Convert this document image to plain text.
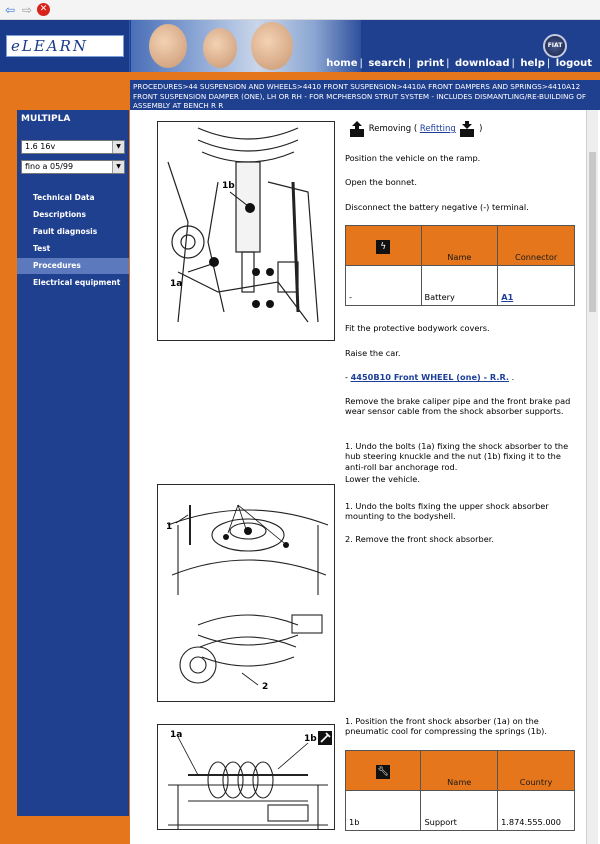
⇦ ⇨ ✕
eLEARN	FIAT
home | search | print | download | help | logout
MULTIPLA
1.6 16v	▼
fino a 05/99	▼
Technical Data
Descriptions
Fault diagnosis
Test
Procedures
Electrical equipment
PROCEDURES>44 SUSPENSION AND WHEELS>4410 FRONT SUSPENSION>4410A FRONT DAMPERS AND SPRINGS>4410A12 FRONT SUSPENSION DAMPER (ONE), LH OR RH - FOR MCPHERSON STRUT SYSTEM - INCLUDES DISMANTLING/RE-BUILDING OF ASSEMBLY AT BENCH R R
1b
1a
1
2
1a	1b
Removing ( Refitting	)
Position the vehicle on the ramp.
Open the bonnet.
Disconnect the battery negative (-) terminal.
ϟ	Name	Connector
-	Battery	A1
Fit the protective bodywork covers.
Raise the car.
- 4450B10 Front WHEEL (one) - R.R. .
Remove the brake caliper pipe and the front brake pad wear sensor cable from the shock absorber supports.
1. Undo the bolts (1a) fixing the shock absorber to the hub steering knuckle and the nut (1b) fixing it to the anti-roll bar anchorage rod.
Lower the vehicle.
1. Undo the bolts fixing the upper shock absorber mounting to the bodyshell.
2. Remove the front shock absorber.
1. Position the front shock absorber (1a) on the pneumatic cool for compressing the springs (1b).
🔧︎	Name	Country
1b	Support	1.874.555.000
